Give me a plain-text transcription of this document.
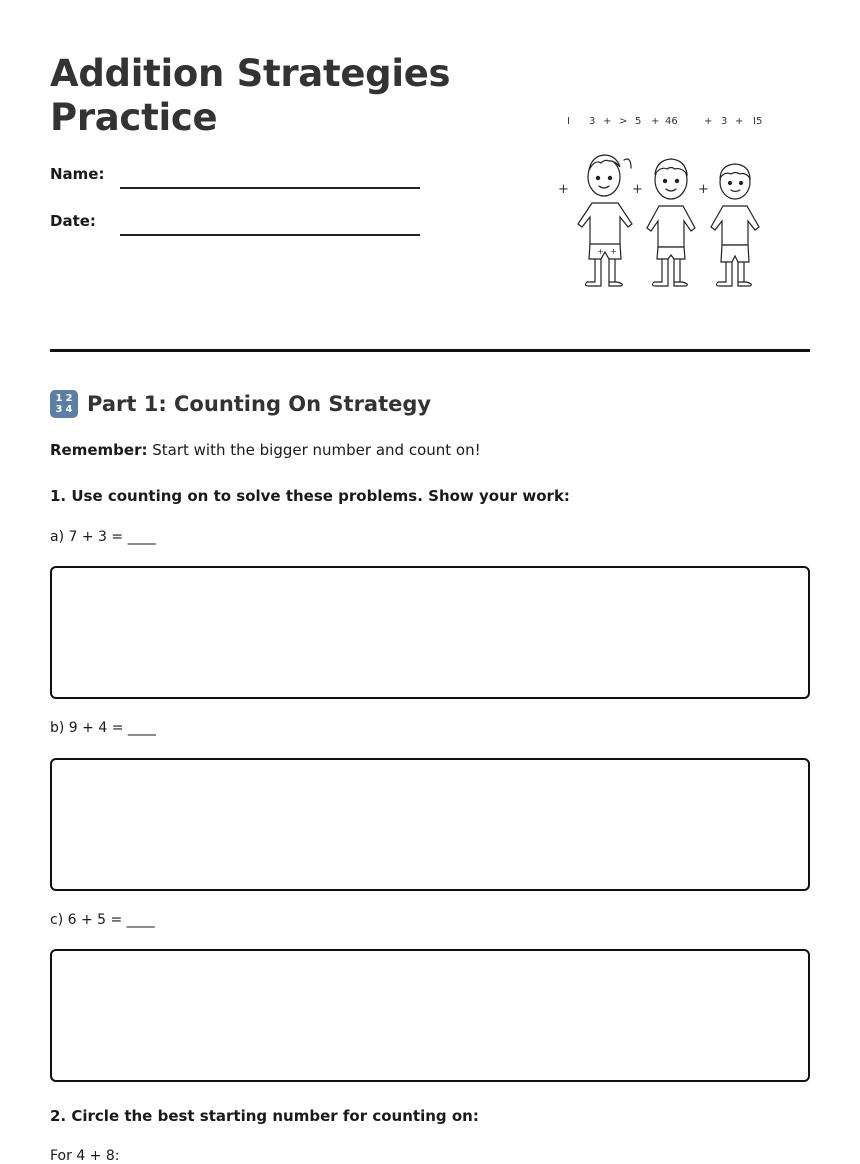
Addition Strategies Practice
Name:
Date:
I 3 + > 5 + 46	+ 3 + I5
+	+	+
+ +
1 2
3 4 Part 1: Counting On Strategy
Remember: Start with the bigger number and count on!
1. Use counting on to solve these problems. Show your work:
a) 7 + 3 = ____
b) 9 + 4 = ____
c) 6 + 5 = ____
2. Circle the best starting number for counting on:
For 4 + 8:
